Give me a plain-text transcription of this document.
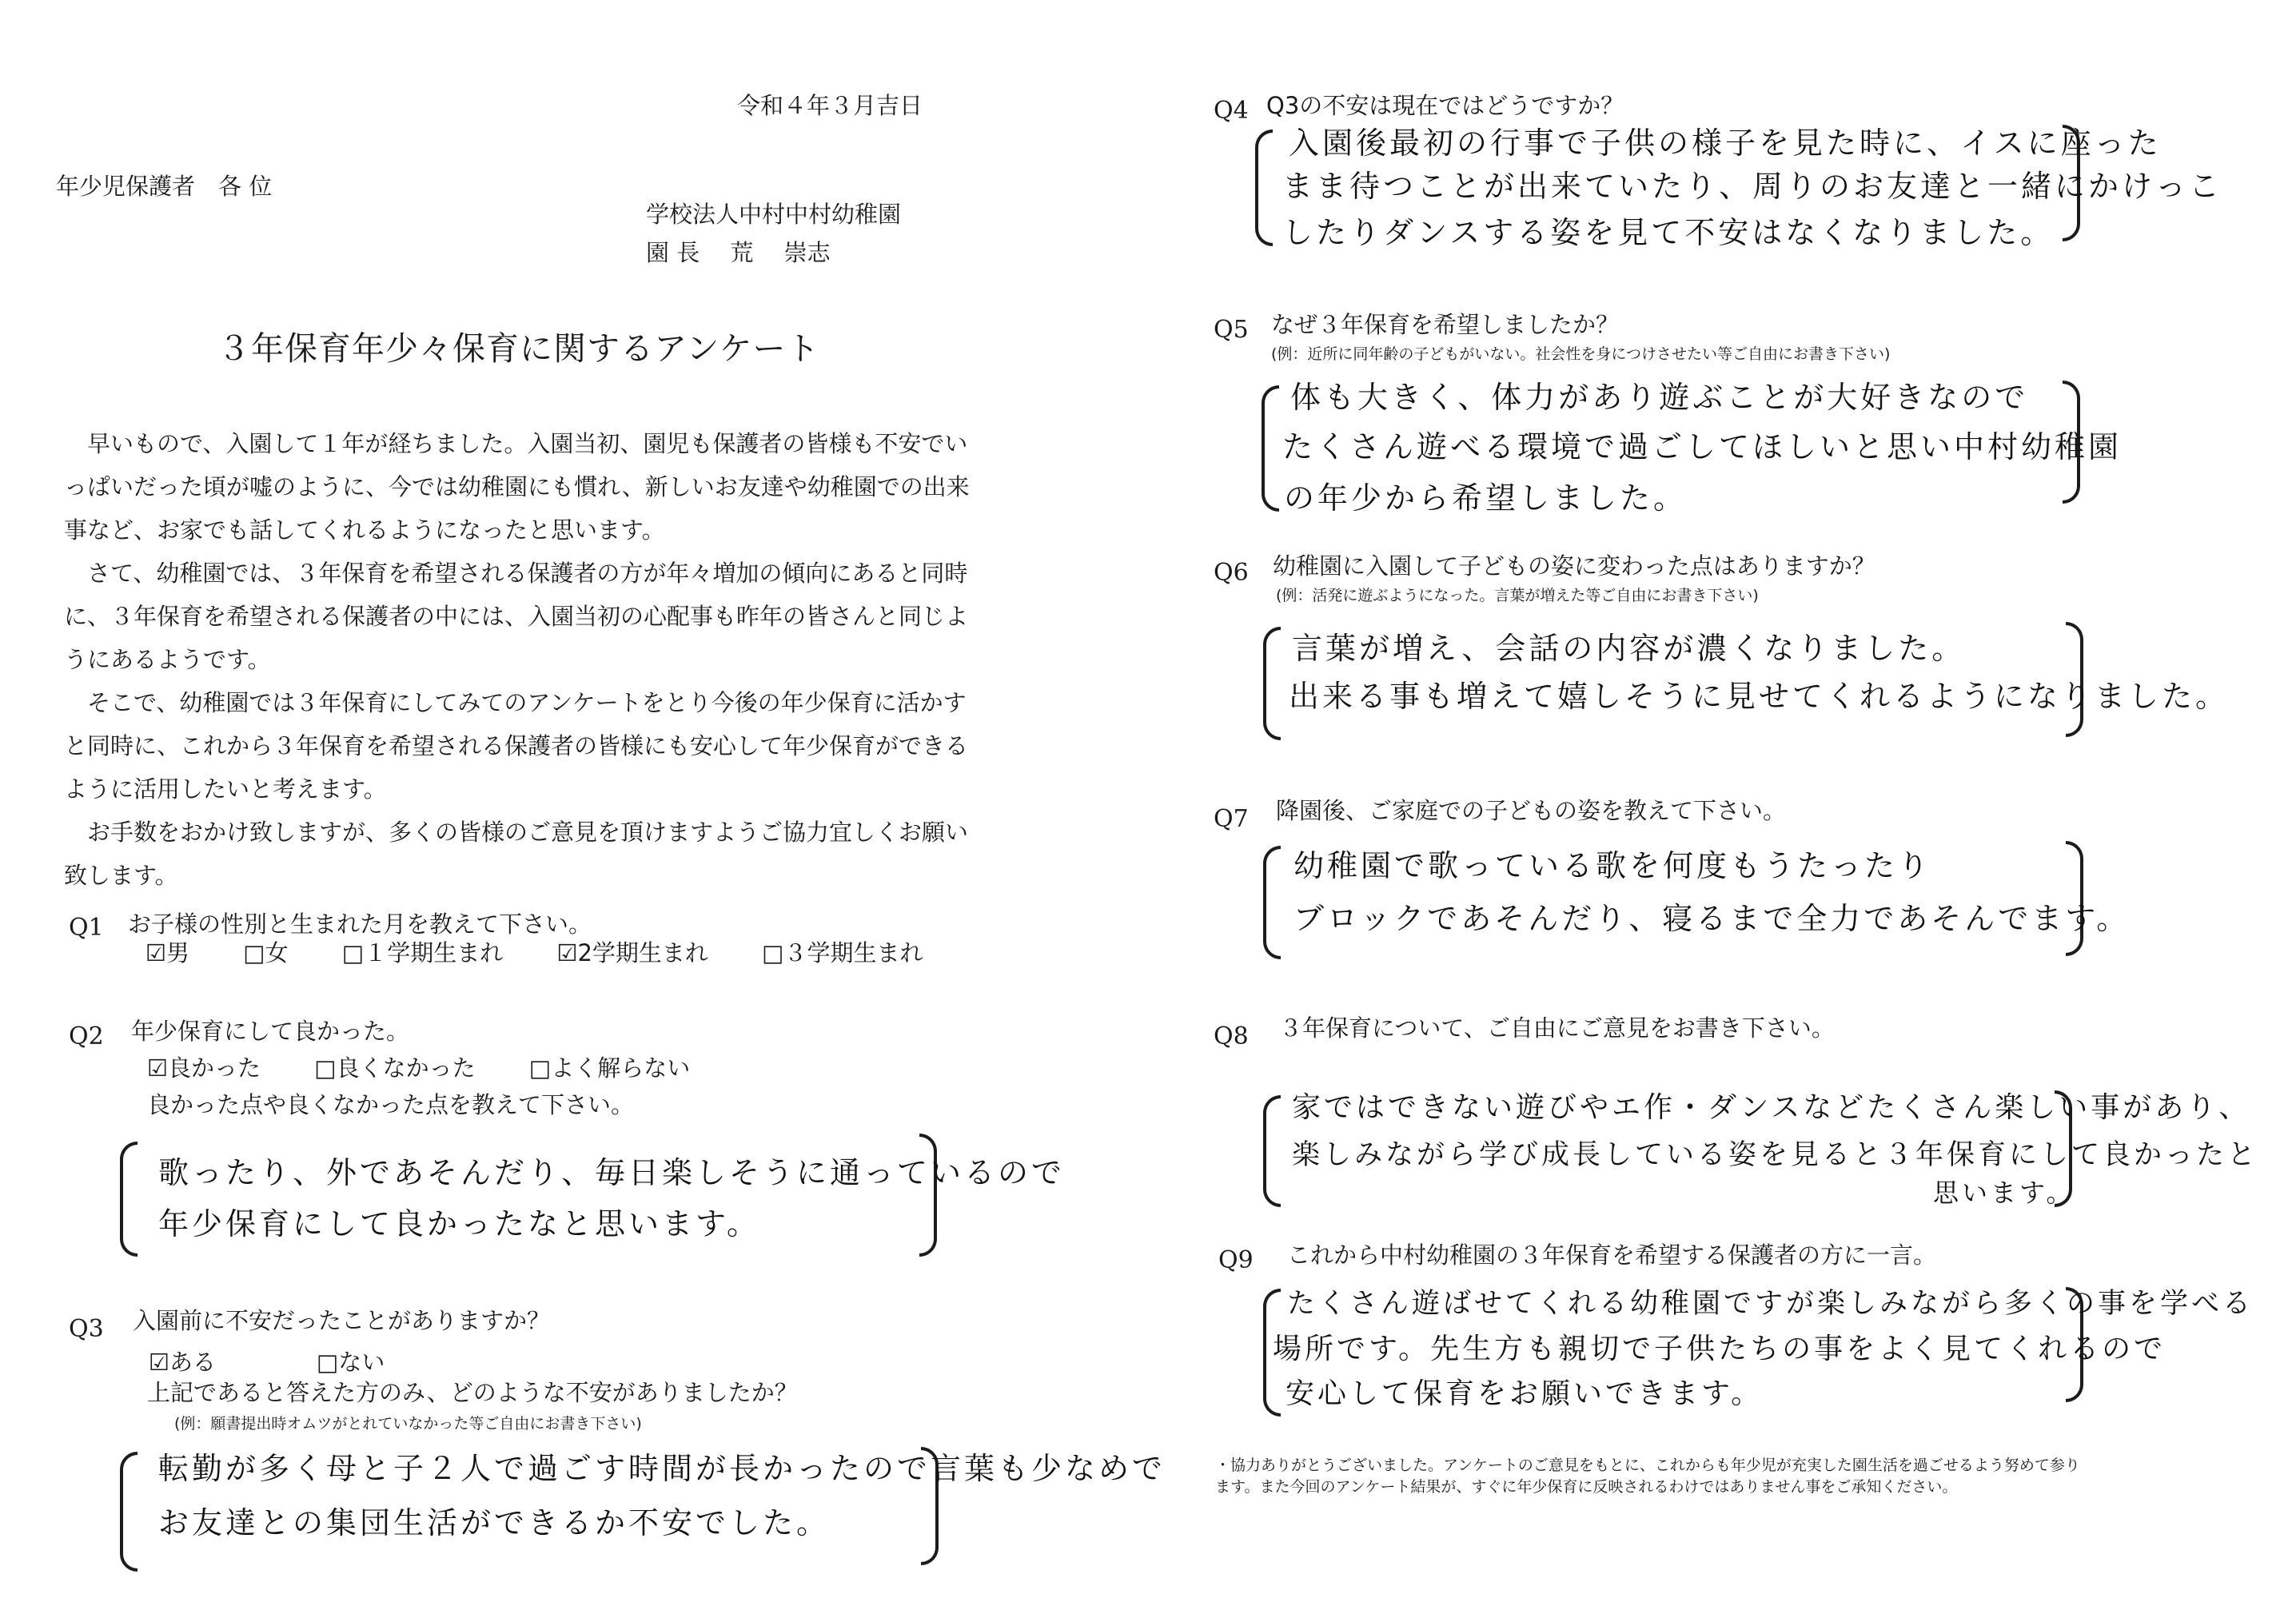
令和４年３月吉日
年少児保護者　各 位
学校法人中村中村幼稚園
園 長　 荒 　崇志
３年保育年少々保育に関するアンケート

早いもので、入園して１年が経ちました。入園当初、園児も保護者の皆様も不安でいっぱいだった頃が嘘のように、今では幼稚園にも慣れ、新しいお友達や幼稚園での出来事など、お家でも話してくれるようになったと思います。

さて、幼稚園では、３年保育を希望される保護者の方が年々増加の傾向にあると同時に、３年保育を希望される保護者の中には、入園当初の心配事も昨年の皆さんと同じようにあるようです。

そこで、幼稚園では３年保育にしてみてのアンケートをとり今後の年少保育に活かすと同時に、これから３年保育を希望される保護者の皆様にも安心して年少保育ができるように活用したいと考えます。

お手数をおかけ致しますが、多くの皆様のご意見を頂けますようご協力宜しくお願い致します。

Q1 お子様の性別と生まれた月を教えて下さい。
☑男 □女 □１学期生まれ ☑2学期生まれ □３学期生まれ
Q2 年少保育にして良かった。
☑良かった □良くなかった □よく解らない
良かった点や良くなかった点を教えて下さい。
歌ったり、外であそんだり、毎日楽しそうに通っているので
年少保育にして良かったなと思います。
Q3 入園前に不安だったことがありますか？
☑ある	□ない
上記であると答えた方のみ、どのような不安がありましたか？
(例：願書提出時オムツがとれていなかった等ご自由にお書き下さい)
転勤が多く母と子２人で過ごす時間が長かったので言葉も少なめで
お友達との集団生活ができるか不安でした。
Q4 Q3の不安は現在ではどうですか？
入園後最初の行事で子供の様子を見た時に、イスに座った
まま待つことが出来ていたり、周りのお友達と一緒にかけっこ
したりダンスする姿を見て不安はなくなりました。
Q5 なぜ３年保育を希望しましたか？
(例：近所に同年齢の子どもがいない。社会性を身につけさせたい等ご自由にお書き下さい)
体も大きく、体力があり遊ぶことが大好きなので
たくさん遊べる環境で過ごしてほしいと思い中村幼稚園
の年少から希望しました。
Q6 幼稚園に入園して子どもの姿に変わった点はありますか？
(例：活発に遊ぶようになった。言葉が増えた等ご自由にお書き下さい)
言葉が増え、会話の内容が濃くなりました。
出来る事も増えて嬉しそうに見せてくれるようになりました。
Q7 降園後、ご家庭での子どもの姿を教えて下さい。
幼稚園で歌っている歌を何度もうたったり
ブロックであそんだり、寝るまで全力であそんでます。
Q8 ３年保育について、ご自由にご意見をお書き下さい。
家ではできない遊びやエ作・ダンスなどたくさん楽しい事があり、
楽しみながら学び成長している姿を見ると３年保育にして良かったと
思います。
Q9 これから中村幼稚園の３年保育を希望する保護者の方に一言。
たくさん遊ばせてくれる幼稚園ですが楽しみながら多くの事を学べる
場所です。先生方も親切で子供たちの事をよく見てくれるので
安心して保育をお願いできます。
・協力ありがとうございました。アンケートのご意見をもとに、これからも年少児が充実した園生活を過ごせるよう努めて参ります。また今回のアンケート結果が、すぐに年少保育に反映されるわけではありません事をご承知ください。
